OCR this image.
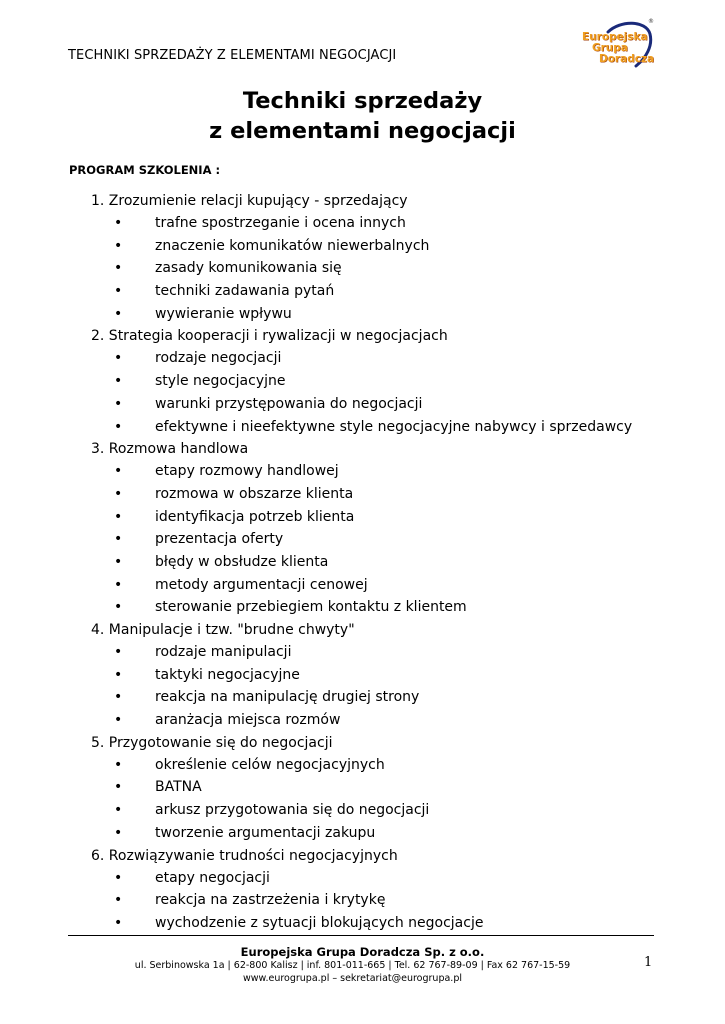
TECHNIKI SPRZEDAŻY Z ELEMENTAMI NEGOCJACJI
®
Europejska
Grupa
Doradcza
Techniki sprzedaży
z elementami negocjacji
PROGRAM SZKOLENIA :
1. Zrozumienie relacji kupujący - sprzedający
• trafne spostrzeganie i ocena innych
• znaczenie komunikatów niewerbalnych
• zasady komunikowania się
• techniki zadawania pytań
• wywieranie wpływu
2. Strategia kooperacji i rywalizacji w negocjacjach
• rodzaje negocjacji
• style negocjacyjne
• warunki przystępowania do negocjacji
• efektywne i nieefektywne style negocjacyjne nabywcy i sprzedawcy
3. Rozmowa handlowa
• etapy rozmowy handlowej
• rozmowa w obszarze klienta
• identyfikacja potrzeb klienta
• prezentacja oferty
• błędy w obsłudze klienta
• metody argumentacji cenowej
• sterowanie przebiegiem kontaktu z klientem
4. Manipulacje i tzw. "brudne chwyty"
• rodzaje manipulacji
• taktyki negocjacyjne
• reakcja na manipulację drugiej strony
• aranżacja miejsca rozmów
5. Przygotowanie się do negocjacji
• określenie celów negocjacyjnych
• BATNA
• arkusz przygotowania się do negocjacji
• tworzenie argumentacji zakupu
6. Rozwiązywanie trudności negocjacyjnych
• etapy negocjacji
• reakcja na zastrzeżenia i krytykę
• wychodzenie z sytuacji blokujących negocjacje
Europejska Grupa Doradcza Sp. z o.o.
ul. Serbinowska 1a | 62-800 Kalisz | inf. 801-011-665 | Tel. 62 767-89-09 | Fax 62 767-15-59
www.eurogrupa.pl – sekretariat@eurogrupa.pl
1
